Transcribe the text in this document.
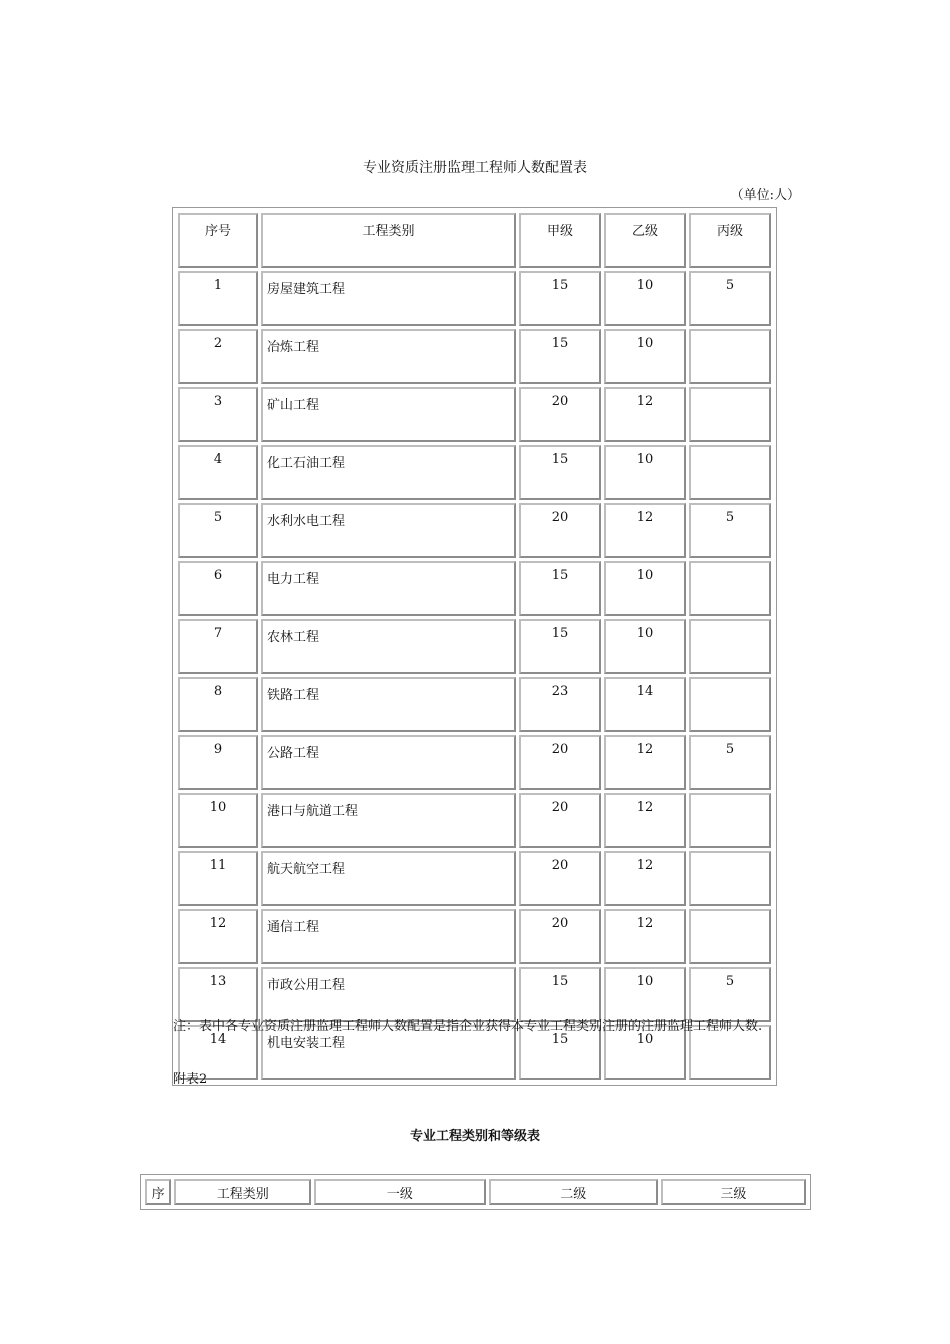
专业资质注册监理工程师人数配置表
（单位:人）
序号	工程类别	甲级	乙级	丙级
1	房屋建筑工程	15	10	5
2	冶炼工程	15	10	
3	矿山工程	20	12	
4	化工石油工程	15	10	
5	水利水电工程	20	12	5
6	电力工程	15	10	
7	农林工程	15	10	
8	铁路工程	23	14	
9	公路工程	20	12	5
10	港口与航道工程	20	12	
11	航天航空工程	20	12	
12	通信工程	20	12	
13	市政公用工程	15	10	5
14	机电安装工程	15	10	
注：表中各专业资质注册监理工程师人数配置是指企业获得本专业工程类别注册的注册监理工程师人数.
附表2
专业工程类别和等级表
序	工程类别	一级	二级	三级
